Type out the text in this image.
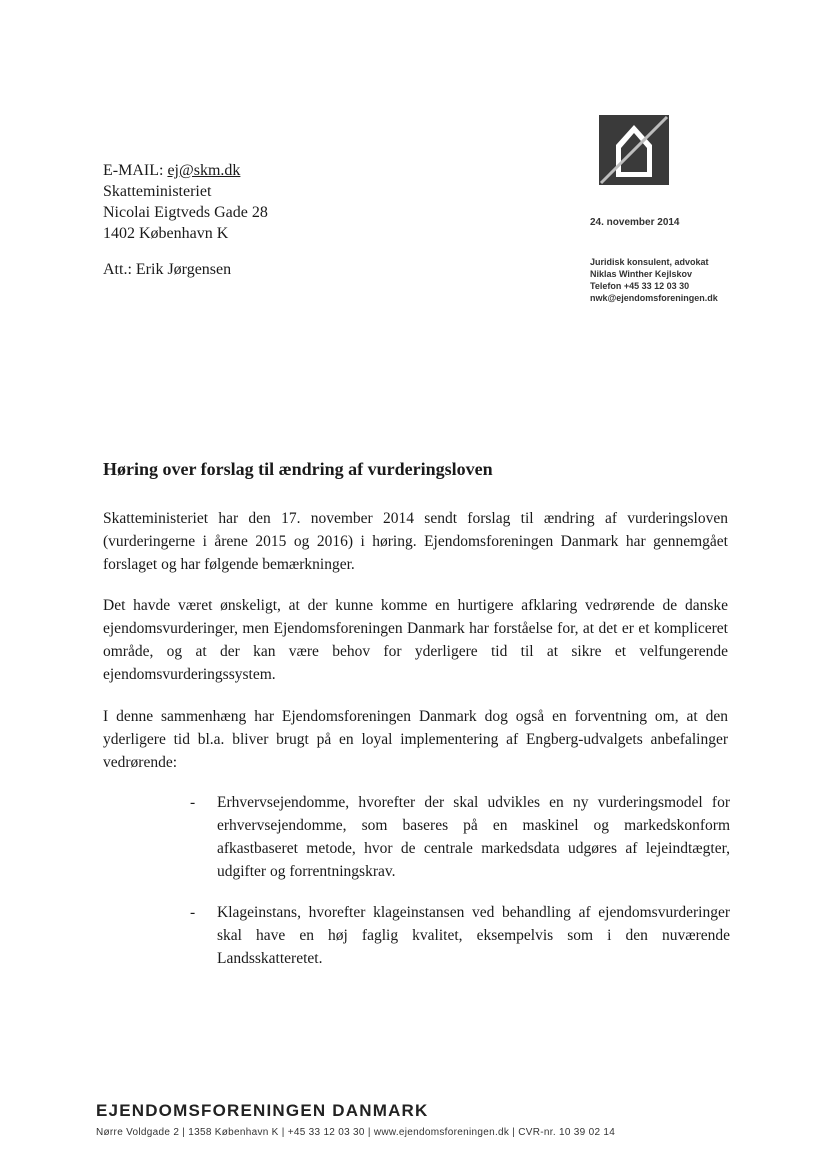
E-MAIL: ej@skm.dk
Skatteministeriet
Nicolai Eigtveds Gade 28
1402 København K
Att.: Erik Jørgensen
24. november 2014
Juridisk konsulent, advokat
Niklas Winther Kejlskov
Telefon +45 33 12 03 30
nwk@ejendomsforeningen.dk
Høring over forslag til ændring af vurderingsloven
Skatteministeriet har den 17. november 2014 sendt forslag til ændring af vurderingsloven (vurderingerne i årene 2015 og 2016) i høring. Ejendomsforeningen Danmark har gennemgået forslaget og har følgende bemærkninger.
Det havde været ønskeligt, at der kunne komme en hurtigere afklaring vedrørende de danske ejendomsvurderinger, men Ejendomsforeningen Danmark har forståelse for, at det er et kompliceret område, og at der kan være behov for yderligere tid til at sikre et velfungerende ejendomsvurderingssystem.
I denne sammenhæng har Ejendomsforeningen Danmark dog også en forventning om, at den yderligere tid bl.a. bliver brugt på en loyal implementering af Engberg-udvalgets anbefalinger vedrørende:
- Erhvervsejendomme, hvorefter der skal udvikles en ny vurderingsmodel for erhvervsejendomme, som baseres på en maskinel og markedskonform afkastbaseret metode, hvor de centrale markedsdata udgøres af lejeindtægter, udgifter og forrentningskrav.
- Klageinstans, hvorefter klageinstansen ved behandling af ejendomsvurderinger skal have en høj faglig kvalitet, eksempelvis som i den nuværende Landsskatteretet.
EJENDOMSFORENINGEN DANMARK
Nørre Voldgade 2 | 1358 København K | +45 33 12 03 30 | www.ejendomsforeningen.dk | CVR-nr. 10 39 02 14
